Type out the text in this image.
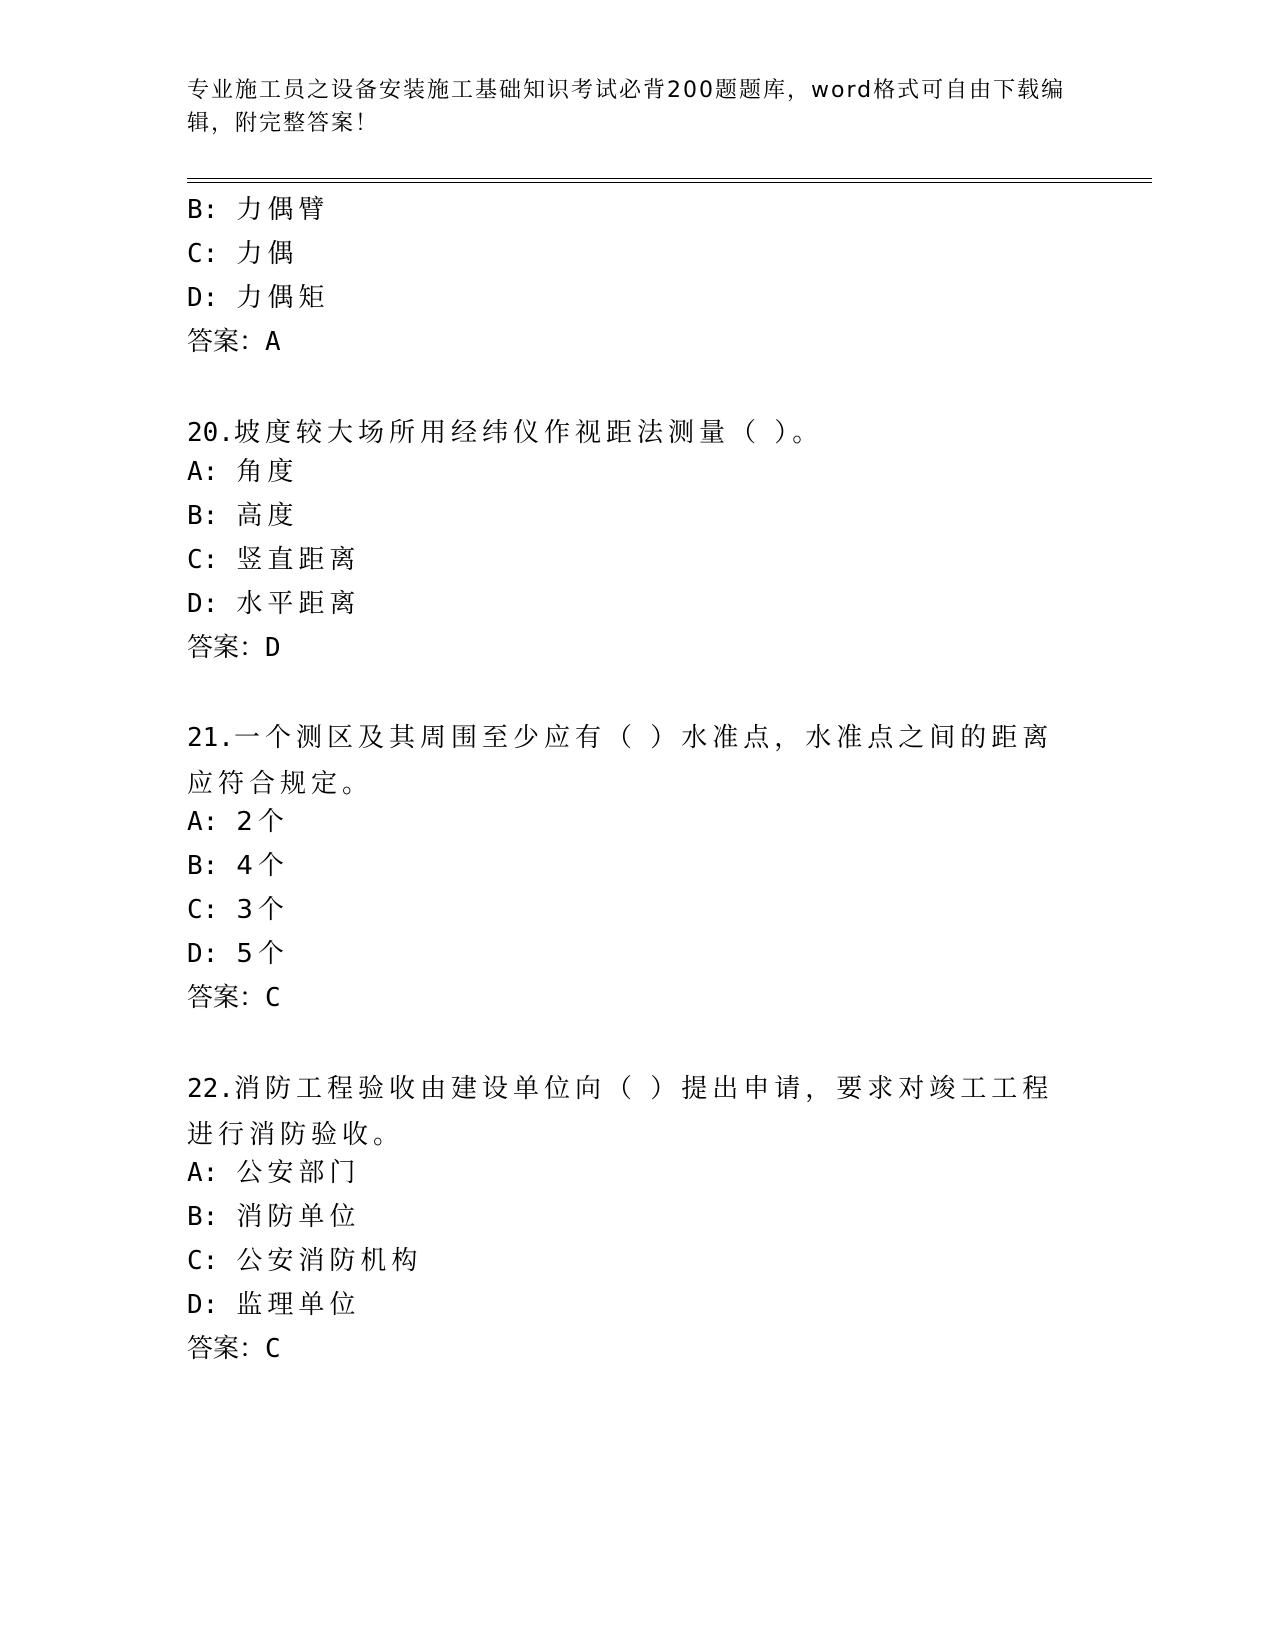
专业施工员之设备安装施工基础知识考试必背200题题库，word格式可自由下载编辑，附完整答案！
B: 力偶臂
C: 力偶
D: 力偶矩
答案：A
20.坡度较大场所用经纬仪作视距法测量（ ）。
A: 角度
B: 高度
C: 竖直距离
D: 水平距离
答案：D
21.一个测区及其周围至少应有（ ）水准点，水准点之间的距离应符合规定。
A: 2个
B: 4个
C: 3个
D: 5个
答案：C
22.消防工程验收由建设单位向（ ）提出申请，要求对竣工工程进行消防验收。
A: 公安部门
B: 消防单位
C: 公安消防机构
D: 监理单位
答案：C
